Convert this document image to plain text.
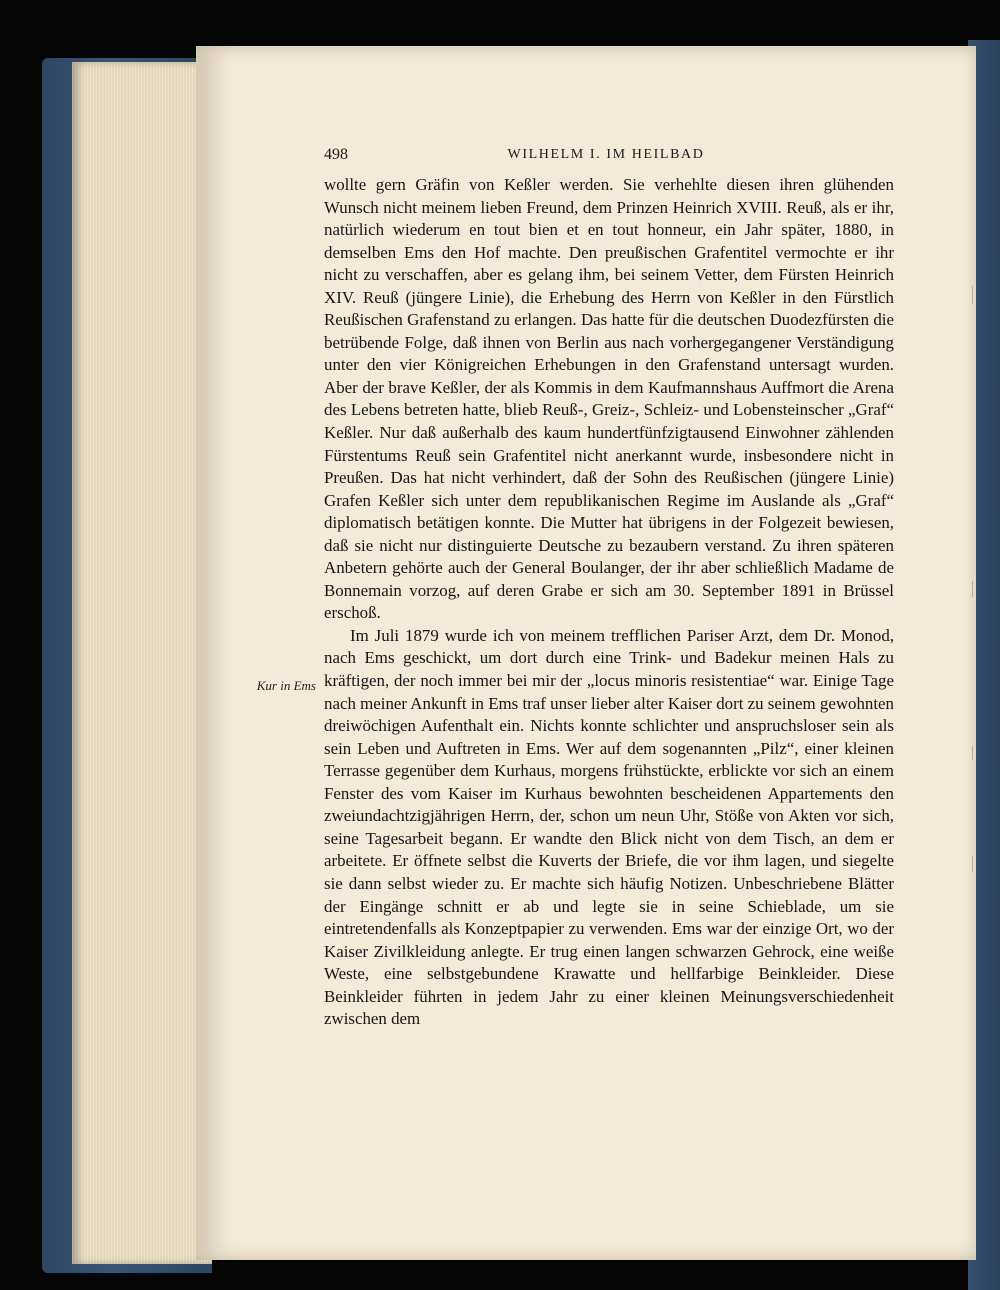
498	WILHELM I. IM HEILBAD
Kur in Ems

wollte gern Gräfin von Keßler werden. Sie verhehlte diesen ihren glühenden Wunsch nicht meinem lieben Freund, dem Prinzen Heinrich XVIII. Reuß, als er ihr, natürlich wiederum en tout bien et en tout honneur, ein Jahr später, 1880, in demselben Ems den Hof machte. Den preußischen Grafentitel vermochte er ihr nicht zu verschaffen, aber es gelang ihm, bei seinem Vetter, dem Fürsten Heinrich XIV. Reuß (jüngere Linie), die Erhebung des Herrn von Keßler in den Fürstlich Reußischen Grafenstand zu erlangen. Das hatte für die deutschen Duodezfürsten die betrübende Folge, daß ihnen von Berlin aus nach vorhergegangener Verständigung unter den vier Königreichen Erhebungen in den Grafenstand untersagt wurden. Aber der brave Keßler, der als Kommis in dem Kaufmannshaus Auffmort die Arena des Lebens betreten hatte, blieb Reuß-, Greiz-, Schleiz- und Lobensteinscher „Graf“ Keßler. Nur daß außerhalb des kaum hundertfünfzigtausend Einwohner zählenden Fürstentums Reuß sein Grafentitel nicht anerkannt wurde, insbesondere nicht in Preußen. Das hat nicht verhindert, daß der Sohn des Reußischen (jüngere Linie) Grafen Keßler sich unter dem republikanischen Regime im Auslande als „Graf“ diplomatisch betätigen konnte. Die Mutter hat übrigens in der Folgezeit bewiesen, daß sie nicht nur distinguierte Deutsche zu bezaubern verstand. Zu ihren späteren Anbetern gehörte auch der General Boulanger, der ihr aber schließlich Madame de Bonnemain vorzog, auf deren Grabe er sich am 30. September 1891 in Brüssel erschoß.

Im Juli 1879 wurde ich von meinem trefflichen Pariser Arzt, dem Dr. Monod, nach Ems geschickt, um dort durch eine Trink- und Badekur meinen Hals zu kräftigen, der noch immer bei mir der „locus minoris resistentiae“ war. Einige Tage nach meiner Ankunft in Ems traf unser lieber alter Kaiser dort zu seinem gewohnten dreiwöchigen Aufenthalt ein. Nichts konnte schlichter und anspruchsloser sein als sein Leben und Auftreten in Ems. Wer auf dem sogenannten „Pilz“, einer kleinen Terrasse gegenüber dem Kurhaus, morgens frühstückte, erblickte vor sich an einem Fenster des vom Kaiser im Kurhaus bewohnten bescheidenen Appartements den zweiundachtzigjährigen Herrn, der, schon um neun Uhr, Stöße von Akten vor sich, seine Tagesarbeit begann. Er wandte den Blick nicht von dem Tisch, an dem er arbeitete. Er öffnete selbst die Kuverts der Briefe, die vor ihm lagen, und siegelte sie dann selbst wieder zu. Er machte sich häufig Notizen. Unbeschriebene Blätter der Eingänge schnitt er ab und legte sie in seine Schieblade, um sie eintretendenfalls als Konzeptpapier zu verwenden. Ems war der einzige Ort, wo der Kaiser Zivilkleidung anlegte. Er trug einen langen schwarzen Gehrock, eine weiße Weste, eine selbstgebundene Krawatte und hellfarbige Beinkleider. Diese Beinkleider führten in jedem Jahr zu einer kleinen Meinungsverschiedenheit zwischen dem
